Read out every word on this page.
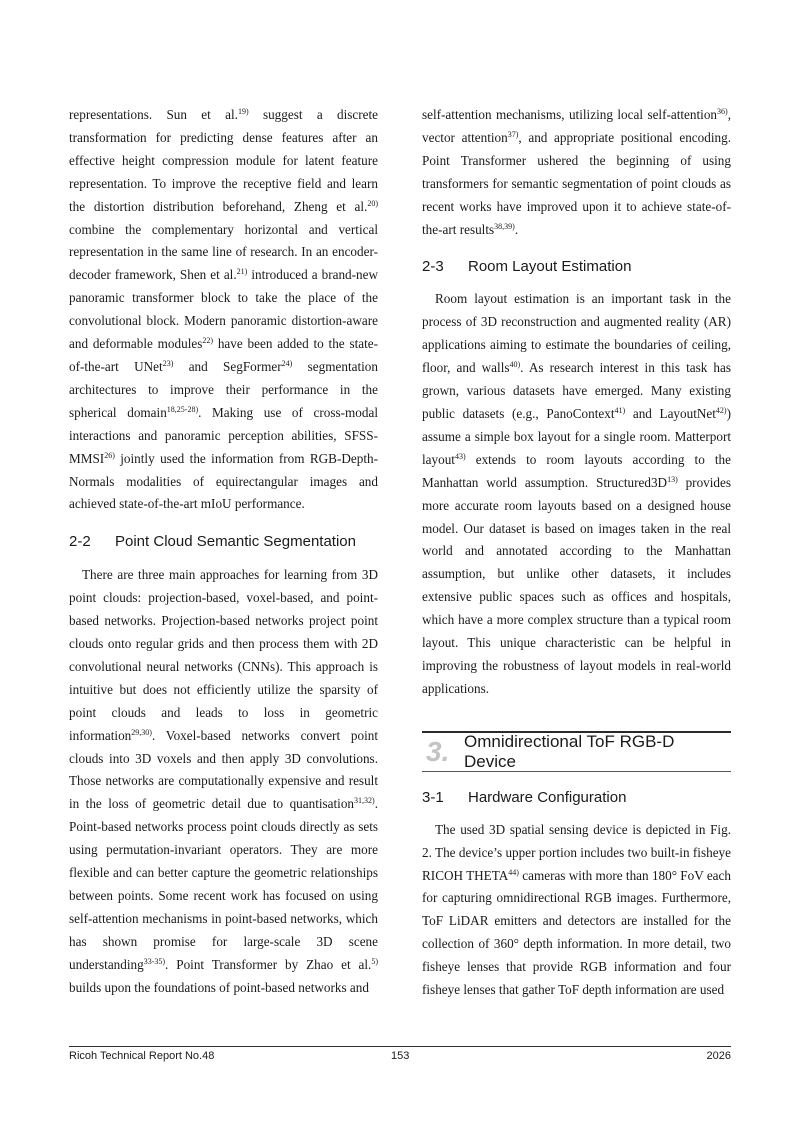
representations. Sun et al.$^{19)}$ suggest a discrete transformation for predicting dense features after an effective height compression module for latent feature representation. To improve the receptive field and learn the distortion distribution beforehand, Zheng et al.$^{20)}$ combine the complementary horizontal and vertical representation in the same line of research. In an encoder-decoder framework, Shen et al.$^{21)}$ introduced a brand-new panoramic transformer block to take the place of the convolutional block. Modern panoramic distortion-aware and deformable modules$^{22)}$ have been added to the state-of-the-art UNet$^{23)}$ and SegFormer$^{24)}$ segmentation architectures to improve their performance in the spherical domain$^{18,25-28)}$. Making use of cross-modal interactions and panoramic perception abilities, SFSS-MMSI$^{26)}$ jointly used the information from RGB-Depth-Normals modalities of equirectangular images and achieved state-of-the-art mIoU performance.

2-2	Point Cloud Semantic Segmentation

There are three main approaches for learning from 3D point clouds: projection-based, voxel-based, and point-based networks. Projection-based networks project point clouds onto regular grids and then process them with 2D convolutional neural networks (CNNs). This approach is intuitive but does not efficiently utilize the sparsity of point clouds and leads to loss in geometric information$^{29,30)}$. Voxel-based networks convert point clouds into 3D voxels and then apply 3D convolutions. Those networks are computationally expensive and result in the loss of geometric detail due to quantisation$^{31,32)}$. Point-based networks process point clouds directly as sets using permutation-invariant operators. They are more flexible and can better capture the geometric relationships between points. Some recent work has focused on using self-attention mechanisms in point-based networks, which has shown promise for large-scale 3D scene understanding$^{33-35)}$. Point Transformer by Zhao et al.$^{5)}$ builds upon the foundations of point-based networks and

self-attention mechanisms, utilizing local self-attention$^{36)}$, vector attention$^{37)}$, and appropriate positional encoding. Point Transformer ushered the beginning of using transformers for semantic segmentation of point clouds as recent works have improved upon it to achieve state-of-the-art results$^{38,39)}$.

2-3	Room Layout Estimation

Room layout estimation is an important task in the process of 3D reconstruction and augmented reality (AR) applications aiming to estimate the boundaries of ceiling, floor, and walls$^{40)}$. As research interest in this task has grown, various datasets have emerged. Many existing public datasets (e.g., PanoContext$^{41)}$ and LayoutNet$^{42)}$) assume a simple box layout for a single room. Matterport layout$^{43)}$ extends to room layouts according to the Manhattan world assumption. $Structured3D^{13)}$ provides more accurate room layouts based on a designed house model. Our dataset is based on images taken in the real world and annotated according to the Manhattan assumption, but unlike other datasets, it includes extensive public spaces such as offices and hospitals, which have a more complex structure than a typical room layout. This unique characteristic can be helpful in improving the robustness of layout models in real-world applications.

3. Omnidirectional ToF RGB-D Device
3-1	Hardware Configuration

The used 3D spatial sensing device is depicted in Fig. 2. The device’s upper portion includes two built-in fisheye RICOH THETA$^{44)}$ cameras with more than 180° FoV each for capturing omnidirectional RGB images. Furthermore, ToF LiDAR emitters and detectors are installed for the collection of 360° depth information. In more detail, two fisheye lenses that provide RGB information and four fisheye lenses that gather ToF depth information are used

Ricoh Technical Report No.48	153	2026
